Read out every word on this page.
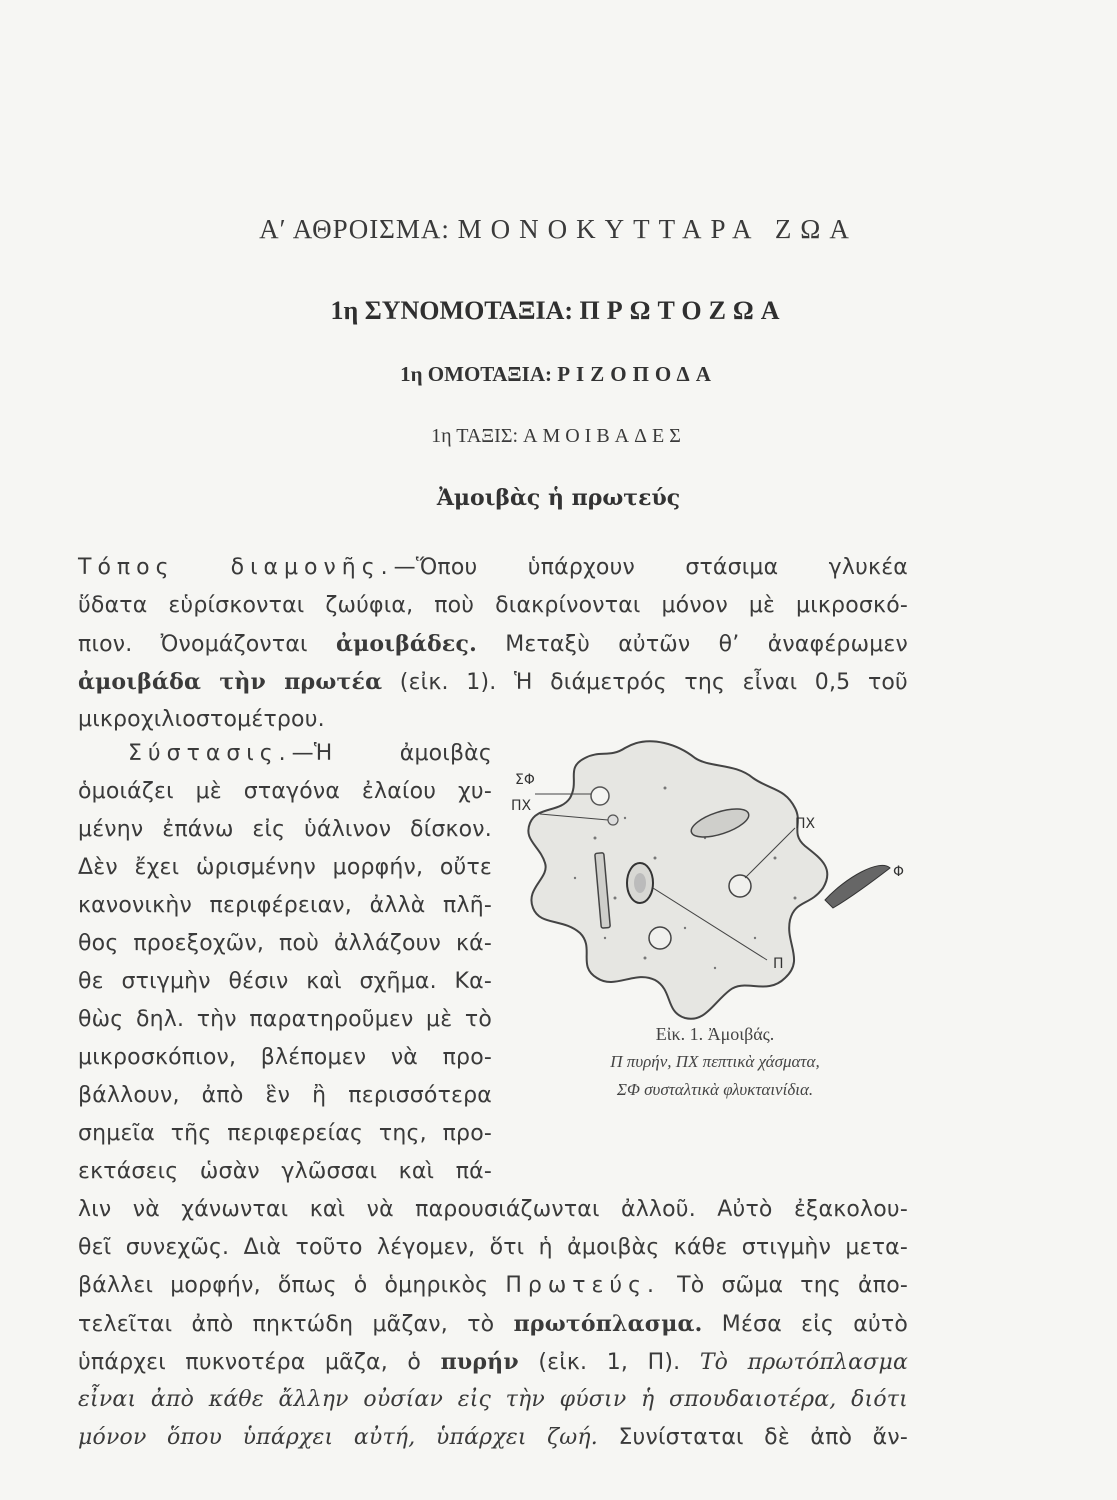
Α′ ΑΘΡΟΙΣΜΑ: ΜΟΝΟΚΥΤΤΑΡΑ ΖΩΑ
1η ΣΥΝΟΜΟΤΑΞΙΑ: ΠΡΩΤΟΖΩΑ
1η ΟΜΟΤΑΞΙΑ: ΡΙΖΟΠΟΔΑ
1η ΤΑΞΙΣ: ΑΜΟΙΒΑΔΕΣ
Ἀμοιβὰς ἡ πρωτεύς
Τόπος διαμονῆς.—Ὅπου ὑπάρχουν στάσιμα γλυκέα
ὕδατα εὑρίσκονται ζωύφια, ποὺ διακρίνονται μόνον μὲ μικροσκό-
πιον. Ὀνομάζονται ἀμοιβάδες. Μεταξὺ αὐτῶν θ’ ἀναφέρωμεν
ἀμοιβάδα τὴν πρωτέα (εἰκ. 1). Ἡ διάμετρός της εἶναι 0,5 τοῦ
μικροχιλιοστομέτρου.
Σύστασις.—Ἡ ἀμοιβὰς
ὁμοιάζει μὲ σταγόνα ἐλαίου χυ-
μένην ἐπάνω εἰς ὑάλινον δίσκον.
Δὲν ἔχει ὡρισμένην μορφήν, οὔτε
κανονικὴν περιφέρειαν, ἀλλὰ πλῆ-
θος προεξοχῶν, ποὺ ἀλλάζουν κά-
θε στιγμὴν θέσιν καὶ σχῆμα. Κα-
θὼς δηλ. τὴν παρατηροῦμεν μὲ τὸ
μικροσκόπιον, βλέπομεν νὰ προ-
βάλλουν, ἀπὸ ἓν ἢ περισσότερα
σημεῖα τῆς περιφερείας της, προ-
εκτάσεις ὡσὰν γλῶσσαι καὶ πά-
λιν νὰ χάνωνται καὶ νὰ παρουσιάζωνται ἀλλοῦ. Αὐτὸ ἐξακολου-
θεῖ συνεχῶς. Διὰ τοῦτο λέγομεν, ὅτι ἡ ἀμοιβὰς κάθε στιγμὴν μετα-
βάλλει μορφήν, ὅπως ὁ ὁμηρικὸς Πρωτεύς. Τὸ σῶμα της ἀπο-
τελεῖται ἀπὸ πηκτώδη μᾶζαν, τὸ πρωτόπλασμα. Μέσα εἰς αὐτὸ
ὑπάρχει πυκνοτέρα μᾶζα, ὁ πυρήν (εἰκ. 1, Π). Τὸ πρωτόπλασμα
εἶναι ἀπὸ κάθε ἄλλην οὐσίαν εἰς τὴν φύσιν ἡ σπουδαιοτέρα, διότι
μόνον ὅπου ὑπάρχει αὐτή, ὑπάρχει ζωή. Συνίσταται δὲ ἀπὸ ἄν-
ΣΦ
ΠΧ
ΠΧ
Φ
Π
Εἰκ. 1. Ἀμοιβάς.
Π πυρήν, ΠΧ πεπτικὰ χάσματα,
ΣΦ συσταλτικὰ φλυκταινίδια.
